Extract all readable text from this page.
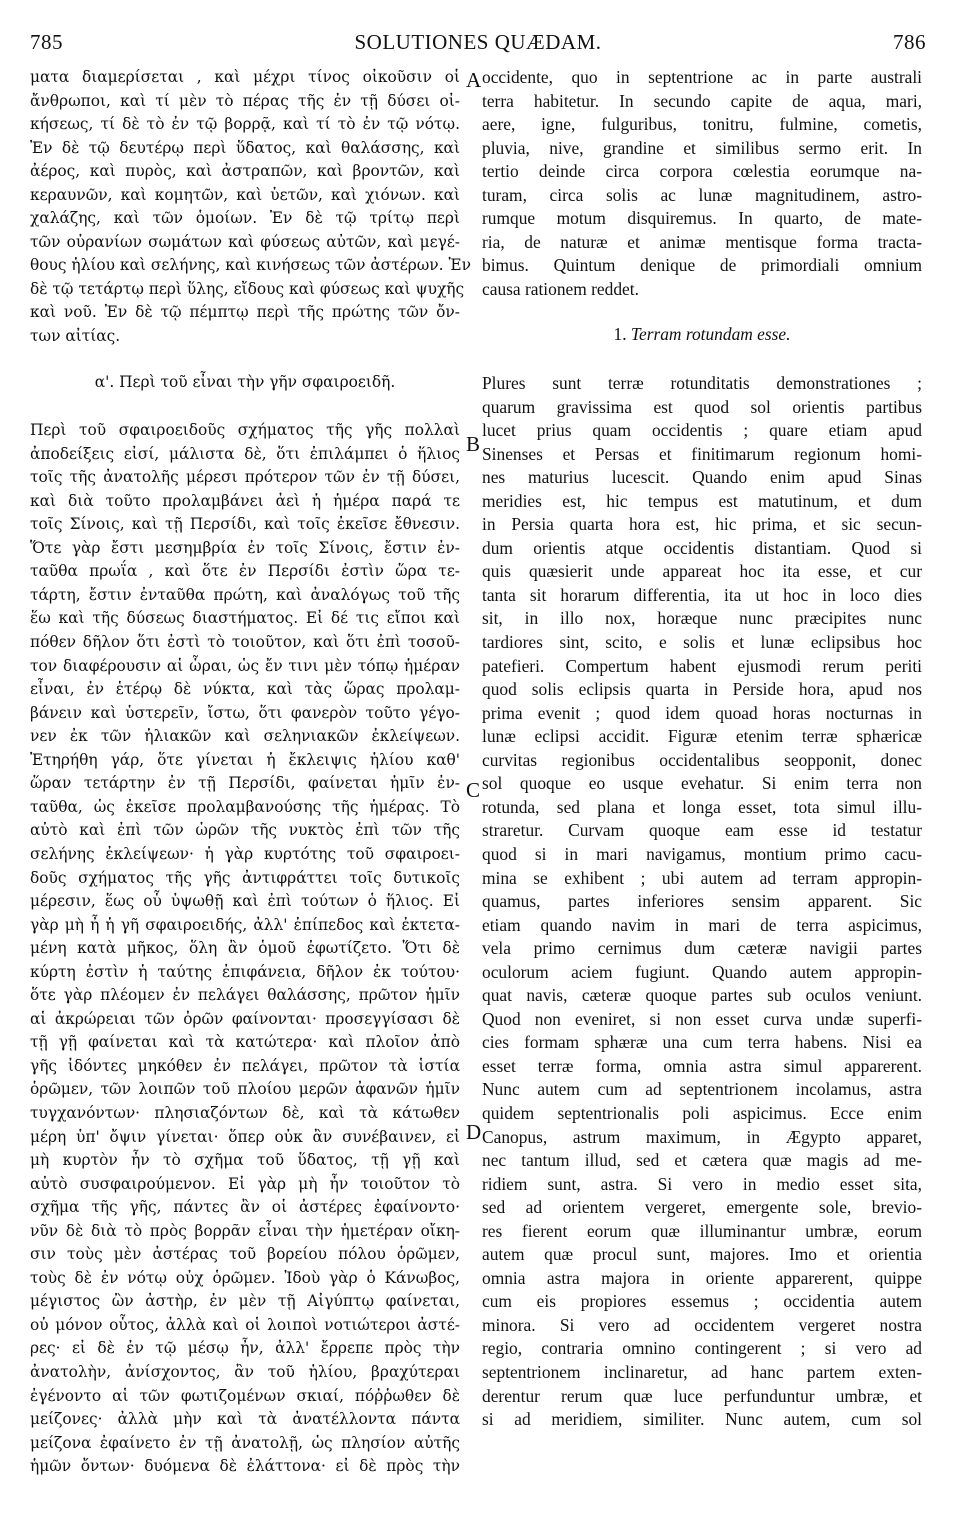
785	SOLUTIONES QUÆDAM.	786
ματα διαμερίσεται , καὶ μέχρι τίνος οἰκοῦσιν οἱ
ἄνθρωποι, καὶ τί μὲν τὸ πέρας τῆς ἐν τῇ δύσει οἰ-
κήσεως, τί δὲ τὸ ἐν τῷ βορρᾷ, καὶ τί τὸ ἐν τῷ νότῳ.
Ἐν δὲ τῷ δευτέρῳ περὶ ὕδατος, καὶ θαλάσσης, καὶ
ἀέρος, καὶ πυρὸς, καὶ ἀστραπῶν, καὶ βροντῶν, καὶ
κεραυνῶν, καὶ κομητῶν, καὶ ὑετῶν, καὶ χιόνων. καὶ
χαλάζης, καὶ τῶν ὁμοίων. Ἐν δὲ τῷ τρίτῳ περὶ
τῶν οὐρανίων σωμάτων καὶ φύσεως αὐτῶν, καὶ μεγέ-
θους ἡλίου καὶ σελήνης, καὶ κινήσεως τῶν ἀστέρων. Ἐν
δὲ τῷ τετάρτῳ περὶ ὕλης, εἴδους καὶ φύσεως καὶ ψυχῆς
καὶ νοῦ. Ἐν δὲ τῷ πέμπτῳ περὶ τῆς πρώτης τῶν ὄν-
των αἰτίας.
α'. Περὶ τοῦ εἶναι τὴν γῆν σφαιροειδῆ.
Περὶ τοῦ σφαιροειδοῦς σχήματος τῆς γῆς πολλαὶ
ἀποδείξεις εἰσί, μάλιστα δὲ, ὅτι ἐπιλάμπει ὁ ἥλιος
τοῖς τῆς ἀνατολῆς μέρεσι πρότερον τῶν ἐν τῇ δύσει,
καὶ διὰ τοῦτο προλαμβάνει ἀεὶ ἡ ἡμέρα παρά τε
τοῖς Σίνοις, καὶ τῇ Περσίδι, καὶ τοῖς ἐκεῖσε ἔθνεσιν.
Ὅτε γὰρ ἔστι μεσημβρία ἐν τοῖς Σίνοις, ἔστιν ἐν-
ταῦθα πρωΐα , καὶ ὅτε ἐν Περσίδι ἐστὶν ὥρα τε-
τάρτη, ἔστιν ἐνταῦθα πρώτη, καὶ ἀναλόγως τοῦ τῆς
ἕω καὶ τῆς δύσεως διαστήματος. Εἰ δέ τις εἴποι καὶ
πόθεν δῆλον ὅτι ἐστὶ τὸ τοιοῦτον, καὶ ὅτι ἐπὶ τοσοῦ-
τον διαφέρουσιν αἱ ὧραι, ὡς ἔν τινι μὲν τόπῳ ἡμέραν
εἶναι, ἐν ἑτέρῳ δὲ νύκτα, καὶ τὰς ὥρας προλαμ-
βάνειν καὶ ὑστερεῖν, ἴστω, ὅτι φανερὸν τοῦτο γέγο-
νεν ἐκ τῶν ἡλιακῶν καὶ σεληνιακῶν ἐκλείψεων.
Ἐτηρήθη γάρ, ὅτε γίνεται ἡ ἔκλειψις ἡλίου καθ'
ὥραν τετάρτην ἐν τῇ Περσίδι, φαίνεται ἡμῖν ἐν-
ταῦθα, ὡς ἐκεῖσε προλαμβανούσης τῆς ἡμέρας. Τὸ
αὐτὸ καὶ ἐπὶ τῶν ὡρῶν τῆς νυκτὸς ἐπὶ τῶν τῆς
σελήνης ἐκλείψεων· ἡ γὰρ κυρτότης τοῦ σφαιροει-
δοῦς σχήματος τῆς γῆς ἀντιφράττει τοῖς δυτικοῖς
μέρεσιν, ἕως οὗ ὑψωθῇ καὶ ἐπὶ τούτων ὁ ἥλιος. Εἰ
γὰρ μὴ ἦ ἡ γῆ σφαιροειδής, ἀλλ' ἐπίπεδος καὶ ἐκτετα-
μένη κατὰ μῆκος, ὅλη ἂν ὁμοῦ ἐφωτίζετο. Ὅτι δὲ
κύρτη ἐστὶν ἡ ταύτης ἐπιφάνεια, δῆλον ἐκ τούτου·
ὅτε γὰρ πλέομεν ἐν πελάγει θαλάσσης, πρῶτον ἡμῖν
αἱ ἀκρώρειαι τῶν ὀρῶν φαίνονται· προσεγγίσασι δὲ
τῇ γῇ φαίνεται καὶ τὰ κατώτερα· καὶ πλοῖον ἀπὸ
γῆς ἰδόντες μηκόθεν ἐν πελάγει, πρῶτον τὰ ἱστία
ὁρῶμεν, τῶν λοιπῶν τοῦ πλοίου μερῶν ἀφανῶν ἡμῖν
τυγχανόντων· πλησιαζόντων δὲ, καὶ τὰ κάτωθεν
μέρη ὑπ' ὄψιν γίνεται· ὅπερ οὐκ ἂν συνέβαινεν, εἰ
μὴ κυρτὸν ἦν τὸ σχῆμα τοῦ ὕδατος, τῇ γῇ καὶ
αὐτὸ συσφαιρούμενον. Εἰ γὰρ μὴ ἦν τοιοῦτον τὸ
σχῆμα τῆς γῆς, πάντες ἂν οἱ ἀστέρες ἐφαίνοντο·
νῦν δὲ διὰ τὸ πρὸς βορρᾶν εἶναι τὴν ἡμετέραν οἴκη-
σιν τοὺς μὲν ἀστέρας τοῦ βορείου πόλου ὁρῶμεν,
τοὺς δὲ ἐν νότῳ οὐχ ὁρῶμεν. Ἰδοὺ γὰρ ὁ Κάνωβος,
μέγιστος ὢν ἀστὴρ, ἐν μὲν τῇ Αἰγύπτῳ φαίνεται,
οὐ μόνον οὗτος, ἀλλὰ καὶ οἱ λοιποὶ νοτιώτεροι ἀστέ-
ρες· εἰ δὲ ἐν τῷ μέσῳ ἦν, ἀλλ' ἔρρεπε πρὸς τὴν
ἀνατολὴν, ἀνίσχοντος, ἂν τοῦ ἡλίου, βραχύτεραι
ἐγένοντο αἱ τῶν φωτιζομένων σκιαί, πόῤῥωθεν δὲ
μείζονες· ἀλλὰ μὴν καὶ τὰ ἀνατέλλοντα πάντα
μείζονα ἐφαίνετο ἐν τῇ ἀνατολῇ, ὡς πλησίον αὐτῆς
ἡμῶν ὄντων· δυόμενα δὲ ἐλάττονα· εἰ δὲ πρὸς τὴν
occidente, quo in septentrione ac in parte australi
terra habitetur. In secundo capite de aqua, mari,
aere, igne, fulguribus, tonitru, fulmine, cometis,
pluvia, nive, grandine et similibus sermo erit. In
tertio deinde circa corpora cœlestia eorumque na-
turam, circa solis ac lunæ magnitudinem, astro-
rumque motum disquiremus. In quarto, de mate-
ria, de naturæ et animæ mentisque forma tracta-
bimus. Quintum denique de primordiali omnium
causa rationem reddet.
1. Terram rotundam esse.
Plures sunt terræ rotunditatis demonstrationes ;
quarum gravissima est quod sol orientis partibus
lucet prius quam occidentis ; quare etiam apud
Sinenses et Persas et finitimarum regionum homi-
nes maturius lucescit. Quando enim apud Sinas
meridies est, hic tempus est matutinum, et dum
in Persia quarta hora est, hic prima, et sic secun-
dum orientis atque occidentis distantiam. Quod si
quis quæsierit unde appareat hoc ita esse, et cur
tanta sit horarum differentia, ita ut hoc in loco dies
sit, in illo nox, horæque nunc præcipites nunc
tardiores sint, scito, e solis et lunæ eclipsibus hoc
patefieri. Compertum habent ejusmodi rerum periti
quod solis eclipsis quarta in Perside hora, apud nos
prima evenit ; quod idem quoad horas nocturnas in
lunæ eclipsi accidit. Figuræ etenim terræ sphæricæ
curvitas regionibus occidentalibus seopponit, donec
sol quoque eo usque evehatur. Si enim terra non
rotunda, sed plana et longa esset, tota simul illu-
straretur. Curvam quoque eam esse id testatur
quod si in mari navigamus, montium primo cacu-
mina se exhibent ; ubi autem ad terram appropin-
quamus, partes inferiores sensim apparent. Sic
etiam quando navim in mari de terra aspicimus,
vela primo cernimus dum cæteræ navigii partes
oculorum aciem fugiunt. Quando autem appropin-
quat navis, cæteræ quoque partes sub oculos veniunt.
Quod non eveniret, si non esset curva undæ superfi-
cies formam sphæræ una cum terra habens. Nisi ea
esset terræ forma, omnia astra simul apparerent.
Nunc autem cum ad septentrionem incolamus, astra
quidem septentrionalis poli aspicimus. Ecce enim
Canopus, astrum maximum, in Ægypto apparet,
nec tantum illud, sed et cætera quæ magis ad me-
ridiem sunt, astra. Si vero in medio esset sita,
sed ad orientem vergeret, emergente sole, brevio-
res fierent eorum quæ illuminantur umbræ, eorum
autem quæ procul sunt, majores. Imo et orientia
omnia astra majora in oriente apparerent, quippe
cum eis propiores essemus ; occidentia autem
minora. Si vero ad occidentem vergeret nostra
regio, contraria omnino contingerent ; si vero ad
septentrionem inclinaretur, ad hanc partem exten-
derentur rerum quæ luce perfunduntur umbræ, et
si ad meridiem, similiter. Nunc autem, cum sol
A
B
C
D
